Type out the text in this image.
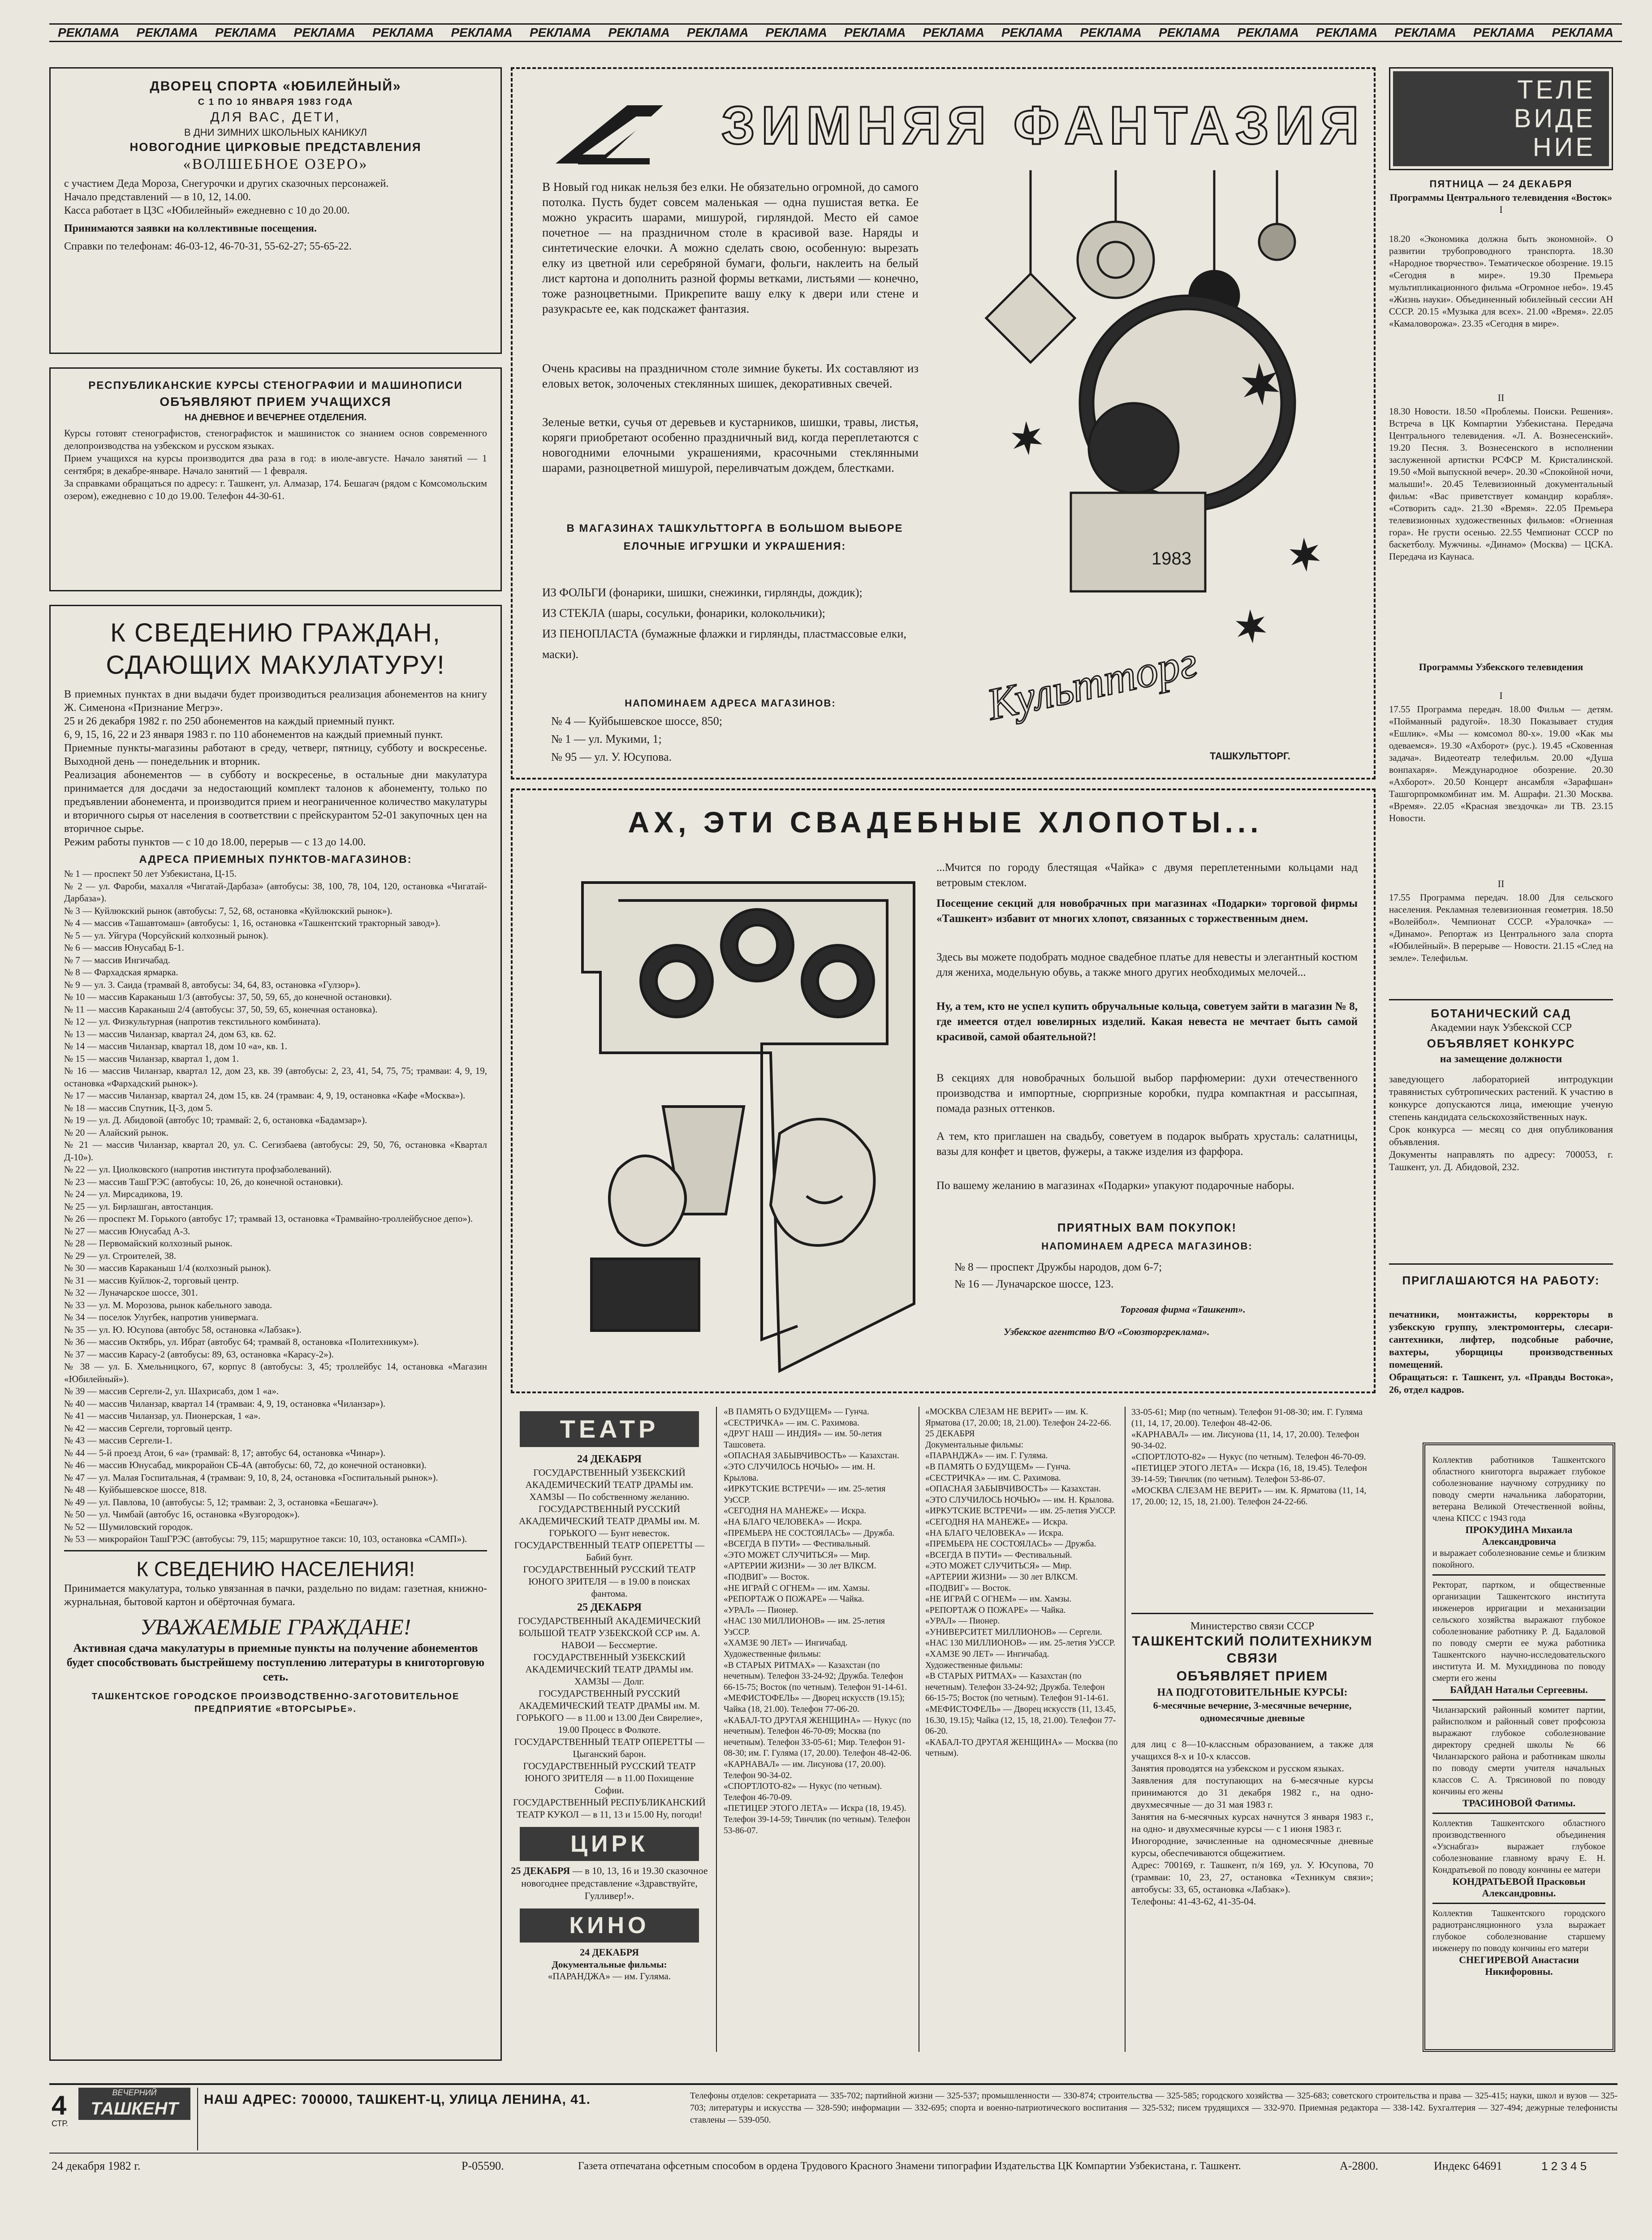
РЕКЛАМА	РЕКЛАМА	РЕКЛАМА	РЕКЛАМА	РЕКЛАМА	РЕКЛАМА	РЕКЛАМА	РЕКЛАМА	РЕКЛАМА	РЕКЛАМА	РЕКЛАМА	РЕКЛАМА	РЕКЛАМА	РЕКЛАМА	РЕКЛАМА	РЕКЛАМА	РЕКЛАМА	РЕКЛАМА	РЕКЛАМА	РЕКЛАМА
ДВОРЕЦ СПОРТА «ЮБИЛЕЙНЫЙ»
С 1 ПО 10 ЯНВАРЯ 1983 ГОДА
ДЛЯ ВАС, ДЕТИ,
В ДНИ ЗИМНИХ ШКОЛЬНЫХ КАНИКУЛ
НОВОГОДНИЕ ЦИРКОВЫЕ ПРЕДСТАВЛЕНИЯ
«ВОЛШЕБНОЕ ОЗЕРО»
с участием Деда Мороза, Снегурочки и других сказочных персонажей.
Начало представлений — в 10, 12, 14.00.
Касса работает в ЦЗС «Юбилейный» ежедневно с 10 до 20.00.
Принимаются заявки на коллективные посещения.
Справки по телефонам: 46-03-12, 46-70-31, 55-62-27; 55-65-22.
РЕСПУБЛИКАНСКИЕ КУРСЫ СТЕНОГРАФИИ И МАШИНОПИСИ
ОБЪЯВЛЯЮТ ПРИЕМ УЧАЩИХСЯ
НА ДНЕВНОЕ И ВЕЧЕРНЕЕ ОТДЕЛЕНИЯ.
Курсы готовят стенографистов, стенографисток и машинисток со знанием основ современного делопроизводства на узбекском и русском языках.
Прием учащихся на курсы производится два раза в год: в июле-августе. Начало занятий — 1 сентября; в декабре-январе. Начало занятий — 1 февраля.
За справками обращаться по адресу: г. Ташкент, ул. Алмазар, 174. Бешагач (рядом с Комсомольским озером), ежедневно с 10 до 19.00. Телефон 44-30-61.
К СВЕДЕНИЮ ГРАЖДАН, СДАЮЩИХ МАКУЛАТУРУ!
В приемных пунктах в дни выдачи будет производиться реализация абонементов на книгу Ж. Сименона «Признание Мегрэ».
25 и 26 декабря 1982 г. по 250 абонементов на каждый приемный пункт.
6, 9, 15, 16, 22 и 23 января 1983 г. по 110 абонементов на каждый приемный пункт.
Приемные пункты-магазины работают в среду, четверг, пятницу, субботу и воскресенье. Выходной день — понедельник и вторник.
Реализация абонементов — в субботу и воскресенье, в остальные дни макулатура принимается для досдачи за недостающий комплект талонов к абонементу, только по предъявлении абонемента, и производится прием и неограниченное количество макулатуры и вторичного сырья от населения в соответствии с прейскурантом 52-01 закупочных цен на вторичное сырье.
Режим работы пунктов — с 10 до 18.00, перерыв — с 13 до 14.00.
АДРЕСА ПРИЕМНЫХ ПУНКТОВ-МАГАЗИНОВ:
№ 1 — проспект 50 лет Узбекистана, Ц-15.
№ 2 — ул. Фароби, махалля «Чигатай-Дарбаза» (автобусы: 38, 100, 78, 104, 120, остановка «Чигатай-Дарбаза»).
№ 3 — Куйлюкский рынок (автобусы: 7, 52, 68, остановка «Куйлюкский рынок»).
№ 4 — массив «Ташавтомаш» (автобусы: 1, 16, остановка «Ташкентский тракторный завод»).
№ 5 — ул. Уйгура (Чорсуйский колхозный рынок).
№ 6 — массив Юнусабад Б-1.
№ 7 — массив Ингичабад.
№ 8 — Фархадская ярмарка.
№ 9 — ул. 3. Саида (трамвай 8, автобусы: 34, 64, 83, остановка «Гулзор»).
№ 10 — массив Караканыш 1/3 (автобусы: 37, 50, 59, 65, до конечной остановки).
№ 11 — массив Караканыш 2/4 (автобусы: 37, 50, 59, 65, конечная остановка).
№ 12 — ул. Физкультурная (напротив текстильного комбината).
№ 13 — массив Чиланзар, квартал 24, дом 63, кв. 62.
№ 14 — массив Чиланзар, квартал 18, дом 10 «а», кв. 1.
№ 15 — массив Чиланзар, квартал 1, дом 1.
№ 16 — массив Чиланзар, квартал 12, дом 23, кв. 39 (автобусы: 2, 23, 41, 54, 75, 75; трамваи: 4, 9, 19, остановка «Фархадский рынок»).
№ 17 — массив Чиланзар, квартал 24, дом 15, кв. 24 (трамваи: 4, 9, 19, остановка «Кафе «Москва»).
№ 18 — массив Спутник, Ц-3, дом 5.
№ 19 — ул. Д. Абидовой (автобус 10; трамвай: 2, 6, остановка «Бадамзар»).
№ 20 — Алайский рынок.
№ 21 — массив Чиланзар, квартал 20, ул. С. Сегизбаева (автобусы: 29, 50, 76, остановка «Квартал Д-10»).
№ 22 — ул. Циолковского (напротив института профзаболеваний).
№ 23 — массив ТашГРЭС (автобусы: 10, 26, до конечной остановки).
№ 24 — ул. Мирсадикова, 19.
№ 25 — ул. Бирлашган, автостанция.
№ 26 — проспект М. Горького (автобус 17; трамвай 13, остановка «Трамвайно-троллейбусное депо»).
№ 27 — массив Юнусабад А-3.
№ 28 — Первомайский колхозный рынок.
№ 29 — ул. Строителей, 38.
№ 30 — массив Караканыш 1/4 (колхозный рынок).
№ 31 — массив Куйлюк-2, торговый центр.
№ 32 — Луначарское шоссе, 301.
№ 33 — ул. М. Морозова, рынок кабельного завода.
№ 34 — поселок Улугбек, напротив универмага.
№ 35 — ул. Ю. Юсупова (автобус 58, остановка «Лабзак»).
№ 36 — массив Октябрь, ул. Ибрат (автобус 64; трамвай 8, остановка «Политехникум»).
№ 37 — массив Карасу-2 (автобусы: 89, 63, остановка «Карасу-2»).
№ 38 — ул. Б. Хмельницкого, 67, корпус 8 (автобусы: 3, 45; троллейбус 14, остановка «Магазин «Юбилейный»).
№ 39 — массив Сергели-2, ул. Шахрисабз, дом 1 «а».
№ 40 — массив Чиланзар, квартал 14 (трамваи: 4, 9, 19, остановка «Чиланзар»).
№ 41 — массив Чиланзар, ул. Пионерская, 1 «а».
№ 42 — массив Сергели, торговый центр.
№ 43 — массив Сергели-1.
№ 44 — 5-й проезд Атои, 6 «а» (трамвай: 8, 17; автобус 64, остановка «Чинар»).
№ 46 — массив Юнусабад, микрорайон СБ-4А (автобусы: 60, 72, до конечной остановки).
№ 47 — ул. Малая Госпитальная, 4 (трамваи: 9, 10, 8, 24, остановка «Госпитальный рынок»).
№ 48 — Куйбышевское шоссе, 818.
№ 49 — ул. Павлова, 10 (автобусы: 5, 12; трамваи: 2, 3, остановка «Бешагач»).
№ 50 — ул. Чимбай (автобус 16, остановка «Вузгородок»).
№ 52 — Шумиловский городок.
№ 53 — микрорайон ТашГРЭС (автобусы: 79, 115; маршрутное такси: 10, 103, остановка «САМП»).
К СВЕДЕНИЮ НАСЕЛЕНИЯ!
Принимается макулатура, только увязанная в пачки, раздельно по видам: газетная, книжно-журнальная, бытовой картон и обёрточная бумага.
УВАЖАЕМЫЕ ГРАЖДАНЕ!
Активная сдача макулатуры в приемные пункты на получение абонементов будет способствовать быстрейшему поступлению литературы в книготорговую сеть.
ТАШКЕНТСКОЕ ГОРОДСКОЕ ПРОИЗВОДСТВЕННО-ЗАГОТОВИТЕЛЬНОЕ ПРЕДПРИЯТИЕ «ВТОРСЫРЬЕ».
ЗИМНЯЯ ФАНТАЗИЯ
В Новый год никак нельзя без елки. Не обязательно огромной, до самого потолка. Пусть будет совсем маленькая — одна пушистая ветка. Ее можно украсить шарами, мишурой, гирляндой. Место ей самое почетное — на праздничном столе в красивой вазе. Наряды и синтетические елочки. А можно сделать свою, особенную: вырезать елку из цветной или серебряной бумаги, фольги, наклеить на белый лист картона и дополнить разной формы ветками, листьями — конечно, тоже разноцветными. Прикрепите вашу елку к двери или стене и разукрасьте ее, как подскажет фантазия.
Очень красивы на праздничном столе зимние букеты. Их составляют из еловых веток, золоченых стеклянных шишек, декоративных свечей.
Зеленые ветки, сучья от деревьев и кустарников, шишки, травы, листья, коряги приобретают особенно праздничный вид, когда переплетаются с новогодними елочными украшениями, красочными стеклянными шарами, разноцветной мишурой, переливчатым дождем, блестками.
В МАГАЗИНАХ ТАШКУЛЬТТОРГА В БОЛЬШОМ ВЫБОРЕ ЕЛОЧНЫЕ ИГРУШКИ И УКРАШЕНИЯ:
ИЗ ФОЛЬГИ (фонарики, шишки, снежинки, гирлянды, дождик);
ИЗ СТЕКЛА (шары, сосульки, фонарики, колокольчики);
ИЗ ПЕНОПЛАСТА (бумажные флажки и гирлянды, пластмассовые елки, маски).
НАПОМИНАЕМ АДРЕСА МАГАЗИНОВ:
№ 4 — Куйбышевское шоссе, 850;
№ 1 — ул. Мукими, 1;
№ 95 — ул. У. Юсупова.
1983
Культторг
ТАШКУЛЬТТОРГ.
АХ, ЭТИ СВАДЕБНЫЕ ХЛОПОТЫ...
...Мчится по городу блестящая «Чайка» с двумя переплетенными кольцами над ветровым стеклом.
Посещение секций для новобрачных при магазинах «Подарки» торговой фирмы «Ташкент» избавит от многих хлопот, связанных с торжественным днем.
Здесь вы можете подобрать модное свадебное платье для невесты и элегантный костюм для жениха, модельную обувь, а также много других необходимых мелочей...
Ну, а тем, кто не успел купить обручальные кольца, советуем зайти в магазин № 8, где имеется отдел ювелирных изделий. Какая невеста не мечтает быть самой красивой, самой обаятельной?!
В секциях для новобрачных большой выбор парфюмерии: духи отечественного производства и импортные, сюрпризные коробки, пудра компактная и рассыпная, помада разных оттенков.
А тем, кто приглашен на свадьбу, советуем в подарок выбрать хрусталь: салатницы, вазы для конфет и цветов, фужеры, а также изделия из фарфора.
По вашему желанию в магазинах «Подарки» упакуют подарочные наборы.
ПРИЯТНЫХ ВАМ ПОКУПОК!
НАПОМИНАЕМ АДРЕСА МАГАЗИНОВ:
№ 8 — проспект Дружбы народов, дом 6-7;
№ 16 — Луначарское шоссе, 123.
Торговая фирма «Ташкент».
Узбекское агентство В/О «Союзторгреклама».
ТЕЛЕ
ВИДЕ
НИЕ
ПЯТНИЦА — 24 ДЕКАБРЯ
Программы Центрального телевидения «Восток»
I
18.20 «Экономика должна быть экономной». О развитии трубопроводного транспорта. 18.30 «Народное творчество». Тематическое обозрение. 19.15 «Сегодня в мире». 19.30 Премьера мультипликационного фильма «Огромное небо». 19.45 «Жизнь науки». Объединенный юбилейный сессии АН СССР. 20.15 «Музыка для всех». 21.00 «Время». 22.05 «Камаловорожа». 23.35 «Сегодня в мире».
II
18.30 Новости. 18.50 «Проблемы. Поиски. Решения». Встреча в ЦК Компартии Узбекистана. Передача Центрального телевидения. «Л. А. Вознесенский». 19.20 Песня. 3. Вознесенского в исполнении заслуженной артистки РСФСР М. Кристалинской. 19.50 «Мой выпускной вечер». 20.30 «Спокойной ночи, малыши!». 20.45 Телевизионный документальный фильм: «Вас приветствует командир корабля». «Сотворить сад». 21.30 «Время». 22.05 Премьера телевизионных художественных фильмов: «Огненная гора». Не грусти осенью. 22.55 Чемпионат СССР по баскетболу. Мужчины. «Динамо» (Москва) — ЦСКА. Передача из Каунаса.
Программы Узбекского телевидения
I
17.55 Программа передач. 18.00 Фильм — детям. «Пойманный радугой». 18.30 Показывает студия «Ешлик». «Мы — комсомол 80-х». 19.00 «Как мы одеваемся». 19.30 «Ахборот» (рус.). 19.45 «Сковенная задача». Видеотеатр телефильм. 20.00 «Душа вонпахаря». Международное обозрение. 20.30 «Ахборот». 20.50 Концерт ансамбля «Зарафшан» Ташгорпромкомбинат им. М. Ашрафи. 21.30 Москва. «Время». 22.05 «Красная звездочка» ли ТВ. 23.15 Новости.
II
17.55 Программа передач. 18.00 Для сельского населения. Рекламная телевизионная геометрия. 18.50 «Волейбол». Чемпионат СССР. «Уралочка» — «Динамо». Репортаж из Центрального зала спорта «Юбилейный». В перерыве — Новости. 21.15 «След на земле». Телефильм.
БОТАНИЧЕСКИЙ САД
Академии наук Узбекской ССР
ОБЪЯВЛЯЕТ КОНКУРС
на замещение должности
заведующего лабораторией интродукции травянистых субтропических растений. К участию в конкурсе допускаются лица, имеющие ученую степень кандидата сельскохозяйственных наук.
Срок конкурса — месяц со дня опубликования объявления.
Документы направлять по адресу: 700053, г. Ташкент, ул. Д. Абидовой, 232.
ПРИГЛАШАЮТСЯ НА РАБОТУ:
печатники, монтажисты, корректоры в узбекскую группу, электромонтеры, слесари-сантехники, лифтер, подсобные рабочие, вахтеры, уборщицы производственных помещений.
Обращаться: г. Ташкент, ул. «Правды Востока», 26, отдел кадров.
Коллектив работников Ташкентского областного книготорга выражает глубокое соболезнование научному сотруднику по поводу смерти начальника лаборатории, ветерана Великой Отечественной войны, члена КПСС с 1943 года
ПРОКУДИНА Михаила Александровича
и выражает соболезнование семье и близким покойного.
Ректорат, партком, и общественные организации Ташкентского института инженеров ирригации и механизации сельского хозяйства выражают глубокое соболезнование работнику Р. Д. Бадаловой по поводу смерти ее мужа работника Ташкентского научно-исследовательского института И. М. Мухиддинова по поводу смерти его жены
БАЙДАН Натальи Сергеевны.
Чиланзарский районный комитет партии, райисполком и районный совет профсоюза выражают глубокое соболезнование директору средней школы № 66 Чиланзарского района и работникам школы по поводу смерти учителя начальных классов С. А. Трясиновой по поводу кончины его жены
ТРАСИНОВОЙ Фатимы.
Коллектив Ташкентского областного производственного объединения «Узснабгаз» выражает глубокое соболезнование главному врачу Е. Н. Кондратьевой по поводу кончины ее матери
КОНДРАТЬЕВОЙ Прасковьи Александровны.
Коллектив Ташкентского городского радиотрансляционного узла выражает глубокое соболезнование старшему инженеру по поводу кончины его матери
СНЕГИРЕВОЙ Анастасии Никифоровны.
ТЕАТР
24 ДЕКАБРЯ
ГОСУДАРСТВЕННЫЙ УЗБЕКСКИЙ АКАДЕМИЧЕСКИЙ ТЕАТР ДРАМЫ им. ХАМЗЫ — По собственному желанию.
ГОСУДАРСТВЕННЫЙ РУССКИЙ АКАДЕМИЧЕСКИЙ ТЕАТР ДРАМЫ им. М. ГОРЬКОГО — Бунт невесток.
ГОСУДАРСТВЕННЫЙ ТЕАТР ОПЕРЕТТЫ — Бабий бунт.
ГОСУДАРСТВЕННЫЙ РУССКИЙ ТЕАТР ЮНОГО ЗРИТЕЛЯ — в 19.00 в поисках фантома.
25 ДЕКАБРЯ
ГОСУДАРСТВЕННЫЙ АКАДЕМИЧЕСКИЙ БОЛЬШОЙ ТЕАТР УЗБЕКСКОЙ ССР им. А. НАВОИ — Бессмертие.
ГОСУДАРСТВЕННЫЙ УЗБЕКСКИЙ АКАДЕМИЧЕСКИЙ ТЕАТР ДРАМЫ им. ХАМЗЫ — Долг.
ГОСУДАРСТВЕННЫЙ РУССКИЙ АКАДЕМИЧЕСКИЙ ТЕАТР ДРАМЫ им. М. ГОРЬКОГО — в 11.00 и 13.00 Деи Свирелие», 19.00 Процесс в Фолкоте.
ГОСУДАРСТВЕННЫЙ ТЕАТР ОПЕРЕТТЫ — Цыганский барон.
ГОСУДАРСТВЕННЫЙ РУССКИЙ ТЕАТР ЮНОГО ЗРИТЕЛЯ — в 11.00 Похищение Софии.
ГОСУДАРСТВЕННЫЙ РЕСПУБЛИКАНСКИЙ ТЕАТР КУКОЛ — в 11, 13 и 15.00 Ну, погоди!
ЦИРК
25 ДЕКАБРЯ — в 10, 13, 16 и 19.30 сказочное новогоднее представление «Здравствуйте, Гулливер!».
КИНО
24 ДЕКАБРЯ
Документальные фильмы:
«ПАРАНДЖА» — им. Гуляма.
«В ПАМЯТЬ О БУДУЩЕМ» — Гунча.
«СЕСТРИЧКА» — им. С. Рахимова.
«ДРУГ НАШ — ИНДИЯ» — им. 50-летия Ташсовета.
«ОПАСНАЯ ЗАБЫВЧИВОСТЬ» — Казахстан.
«ЭТО СЛУЧИЛОСЬ НОЧЬЮ» — им. Н. Крылова.
«ИРКУТСКИЕ ВСТРЕЧИ» — им. 25-летия УзССР.
«СЕГОДНЯ НА МАНЕЖЕ» — Искра.
«НА БЛАГО ЧЕЛОВЕКА» — Искра.
«ПРЕМЬЕРА НЕ СОСТОЯЛАСЬ» — Дружба.
«ВСЕГДА В ПУТИ» — Фестивальный.
«ЭТО МОЖЕТ СЛУЧИТЬСЯ» — Мир.
«АРТЕРИИ ЖИЗНИ» — 30 лет ВЛКСМ.
«ПОДВИГ» — Восток.
«НЕ ИГРАЙ С ОГНЕМ» — им. Хамзы.
«РЕПОРТАЖ О ПОЖАРЕ» — Чайка.
«УРАЛ» — Пионер.
«НАС 130 МИЛЛИОНОВ» — им. 25-летия УзССР.
«ХАМЗЕ 90 ЛЕТ» — Ингичабад.
Художественные фильмы:
«В СТАРЫХ РИТМАХ» — Казахстан (по нечетным). Телефон 33-24-92; Дружба. Телефон 66-15-75; Восток (по четным). Телефон 91-14-61.
«МЕФИСТОФЕЛЬ» — Дворец искусств (19.15); Чайка (18, 21.00). Телефон 77-06-20.
«КАБАЛ-ТО ДРУГАЯ ЖЕНЩИНА» — Нукус (по нечетным). Телефон 46-70-09; Москва (по нечетным). Телефон 33-05-61; Мир. Телефон 91-08-30; им. Г. Гуляма (17, 20.00). Телефон 48-42-06.
«КАРНАВАЛ» — им. Лисунова (17, 20.00). Телефон 90-34-02.
«СПОРТЛОТО-82» — Нукус (по четным). Телефон 46-70-09.
«ПЕТИЦЕР ЭТОГО ЛЕТА» — Искра (18, 19.45). Телефон 39-14-59; Тинчлик (по четным). Телефон 53-86-07.
«МОСКВА СЛЕЗАМ НЕ ВЕРИТ» — им. К. Ярматова (17, 20.00; 18, 21.00). Телефон 24-22-66.
25 ДЕКАБРЯ
Документальные фильмы:
«ПАРАНДЖА» — им. Г. Гуляма.
«В ПАМЯТЬ О БУДУЩЕМ» — Гунча.
«СЕСТРИЧКА» — им. С. Рахимова.
«ОПАСНАЯ ЗАБЫВЧИВОСТЬ» — Казахстан.
«ЭТО СЛУЧИЛОСЬ НОЧЬЮ» — им. Н. Крылова.
«ИРКУТСКИЕ ВСТРЕЧИ» — им. 25-летия УзССР.
«СЕГОДНЯ НА МАНЕЖЕ» — Искра.
«НА БЛАГО ЧЕЛОВЕКА» — Искра.
«ПРЕМЬЕРА НЕ СОСТОЯЛАСЬ» — Дружба.
«ВСЕГДА В ПУТИ» — Фестивальный.
«ЭТО МОЖЕТ СЛУЧИТЬСЯ» — Мир.
«АРТЕРИИ ЖИЗНИ» — 30 лет ВЛКСМ.
«ПОДВИГ» — Восток.
«НЕ ИГРАЙ С ОГНЕМ» — им. Хамзы.
«РЕПОРТАЖ О ПОЖАРЕ» — Чайка.
«УРАЛ» — Пионер.
«УНИВЕРСИТЕТ МИЛЛИОНОВ» — Сергели.
«НАС 130 МИЛЛИОНОВ» — им. 25-летия УзССР.
«ХАМЗЕ 90 ЛЕТ» — Ингичабад.
Художественные фильмы:
«В СТАРЫХ РИТМАХ» — Казахстан (по нечетным). Телефон 33-24-92; Дружба. Телефон 66-15-75; Восток (по четным). Телефон 91-14-61.
«МЕФИСТОФЕЛЬ» — Дворец искусств (11, 13.45, 16.30, 19.15); Чайка (12, 15, 18, 21.00). Телефон 77-06-20.
«КАБАЛ-ТО ДРУГАЯ ЖЕНЩИНА» — Москва (по четным).
33-05-61; Мир (по четным). Телефон 91-08-30; им. Г. Гуляма (11, 14, 17, 20.00). Телефон 48-42-06.
«КАРНАВАЛ» — им. Лисунова (11, 14, 17, 20.00). Телефон 90-34-02.
«СПОРТЛОТО-82» — Нукус (по четным). Телефон 46-70-09.
«ПЕТИЦЕР ЭТОГО ЛЕТА» — Искра (16, 18, 19.45). Телефон 39-14-59; Тинчлик (по четным). Телефон 53-86-07.
«МОСКВА СЛЕЗАМ НЕ ВЕРИТ» — им. К. Ярматова (11, 14, 17, 20.00; 12, 15, 18, 21.00). Телефон 24-22-66.
Министерство связи СССР
ТАШКЕНТСКИЙ ПОЛИТЕХНИКУМ СВЯЗИ
ОБЪЯВЛЯЕТ ПРИЕМ
НА ПОДГОТОВИТЕЛЬНЫЕ КУРСЫ:
6-месячные вечерние, 3-месячные вечерние, одномесячные дневные
для лиц с 8—10-классным образованием, а также для учащихся 8-х и 10-х классов.
Занятия проводятся на узбекском и русском языках.
Заявления для поступающих на 6-месячные курсы принимаются до 31 декабря 1982 г., на одно-двухмесячные — до 31 мая 1983 г.
Занятия на 6-месячных курсах начнутся 3 января 1983 г., на одно- и двухмесячные курсы — с 1 июня 1983 г.
Иногородние, зачисленные на одномесячные дневные курсы, обеспечиваются общежитием.
Адрес: 700169, г. Ташкент, п/я 169, ул. У. Юсупова, 70 (трамваи: 10, 23, 27, остановка «Техникум связи»; автобусы: 33, 65, остановка «Лабзак»).
Телефоны: 41-43-62, 41-35-04.
4
СТР.
ВЕЧЕРНИЙ
ТАШКЕНТ	НАШ АДРЕС: 700000, ТАШКЕНТ-Ц, УЛИЦА ЛЕНИНА, 41.	Телефоны отделов: секретариата — 335-702; партийной жизни — 325-537; промышленности — 330-874; строительства — 325-585; городского хозяйства — 325-683; советского строительства и права — 325-415; науки, школ и вузов — 325-703; литературы и искусства — 328-590; информации — 332-695; спорта и военно-патриотического воспитания — 325-532; писем трудящихся — 332-970. Приемная редактора — 338-142. Бухгалтерия — 327-494; дежурные телефонисты ставлены — 539-050.
24 декабря 1982 г.	Р-05590.	Газета отпечатана офсетным способом в ордена Трудового Красного Знамени типографии Издательства ЦК Компартии Узбекистана, г. Ташкент.	А-2800.	Индекс 64691	1 2 3 4 5
